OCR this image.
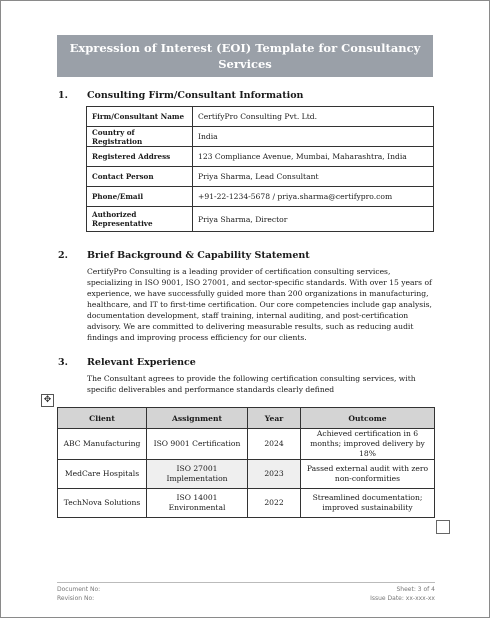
Expression of Interest (EOI) Template for Consultancy Services
1. Consulting Firm/Consultant Information
Firm/Consultant Name	CertifyPro Consulting Pvt. Ltd.
Country of Registration	India
Registered Address	123 Compliance Avenue, Mumbai, Maharashtra, India
Contact Person	Priya Sharma, Lead Consultant
Phone/Email	+91-22-1234-5678 / priya.sharma@certifypro.com
Authorized Representative	Priya Sharma, Director
2. Brief Background & Capability Statement
CertifyPro Consulting is a leading provider of certification consulting services, specializing in ISO 9001, ISO 27001, and sector-specific standards. With over 15 years of experience, we have successfully guided more than 200 organizations in manufacturing, healthcare, and IT to first-time certification. Our core competencies include gap analysis, documentation development, staff training, internal auditing, and post-certification advisory. We are committed to delivering measurable results, such as reducing audit findings and improving process efficiency for our clients.
3. Relevant Experience
The Consultant agrees to provide the following certification consulting services, with specific deliverables and performance standards clearly defined
✥
Client	Assignment	Year	Outcome
ABC Manufacturing	ISO 9001 Certification	2024	Achieved certification in 6 months; improved delivery by 18%
MedCare Hospitals	ISO 27001 Implementation	2023	Passed external audit with zero non-conformities
TechNova Solutions	ISO 14001 Environmental	2022	Streamlined documentation; improved sustainability
Document No:
Revision No:
Sheet: 3 of 4
Issue Date: xx-xxx-xx
